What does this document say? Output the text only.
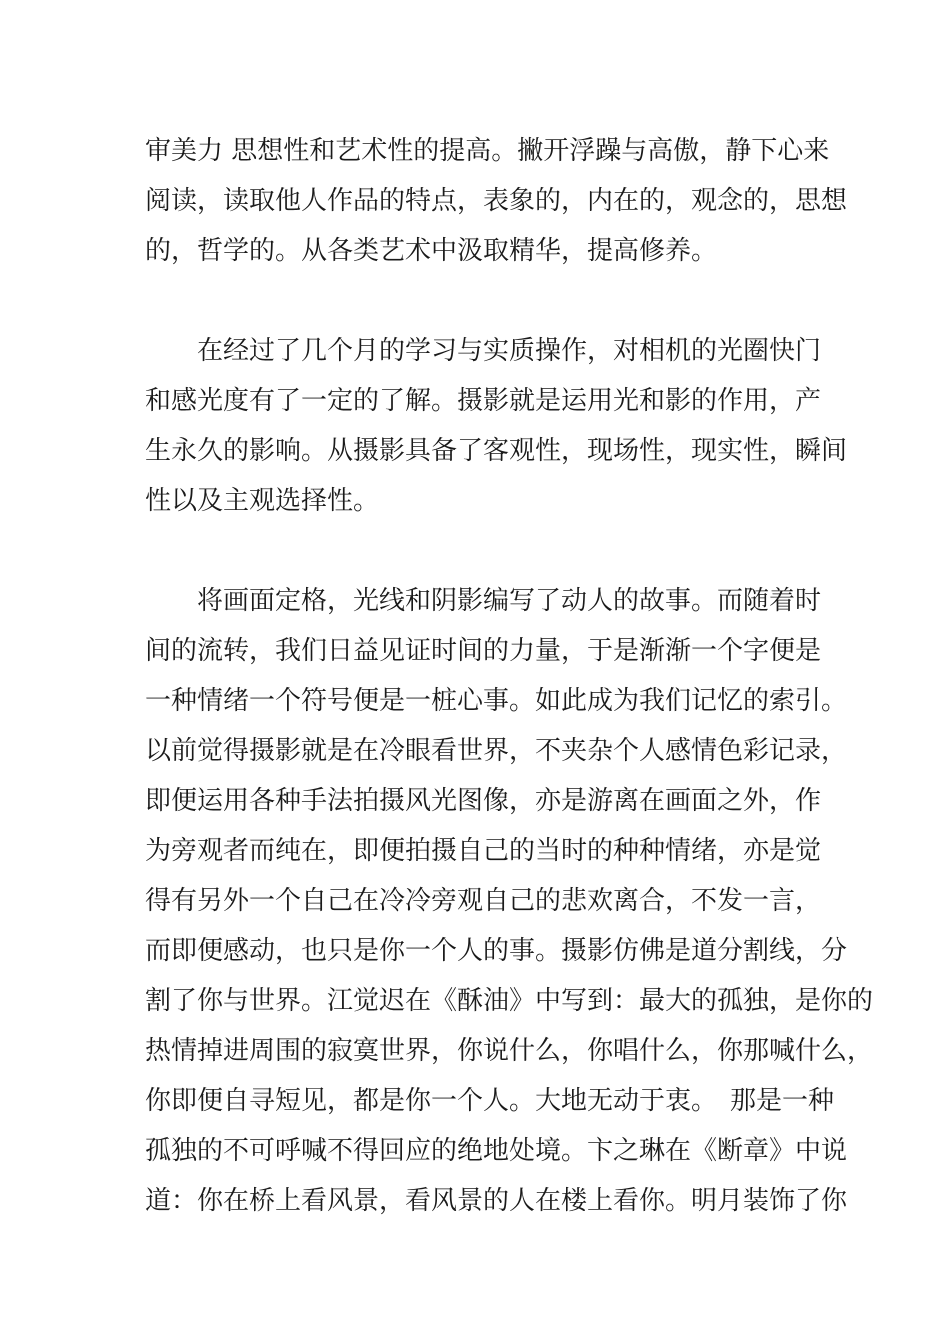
审美力 思想性和艺术性的提高。撇开浮躁与高傲，静下心来
阅读，读取他人作品的特点，表象的，内在的，观念的，思想
的，哲学的。从各类艺术中汲取精华，提高修养。
　　在经过了几个月的学习与实质操作，对相机的光圈快门
和感光度有了一定的了解。摄影就是运用光和影的作用，产
生永久的影响。从摄影具备了客观性，现场性，现实性，瞬间
性以及主观选择性。
　　将画面定格，光线和阴影编写了动人的故事。而随着时
间的流转，我们日益见证时间的力量，于是渐渐一个字便是
一种情绪一个符号便是一桩心事。如此成为我们记忆的索引。
以前觉得摄影就是在冷眼看世界，不夹杂个人感情色彩记录，
即便运用各种手法拍摄风光图像，亦是游离在画面之外，作
为旁观者而纯在，即便拍摄自己的当时的种种情绪，亦是觉
得有另外一个自己在冷冷旁观自己的悲欢离合，不发一言，
而即便感动，也只是你一个人的事。摄影仿佛是道分割线，分
割了你与世界。江觉迟在《酥油》中写到：最大的孤独，是你的
热情掉进周围的寂寞世界，你说什么，你唱什么，你那喊什么，
你即便自寻短见，都是你一个人。大地无动于衷。　那是一种
孤独的不可呼喊不得回应的绝地处境。卞之琳在《断章》中说
道：你在桥上看风景，看风景的人在楼上看你。明月装饰了你
